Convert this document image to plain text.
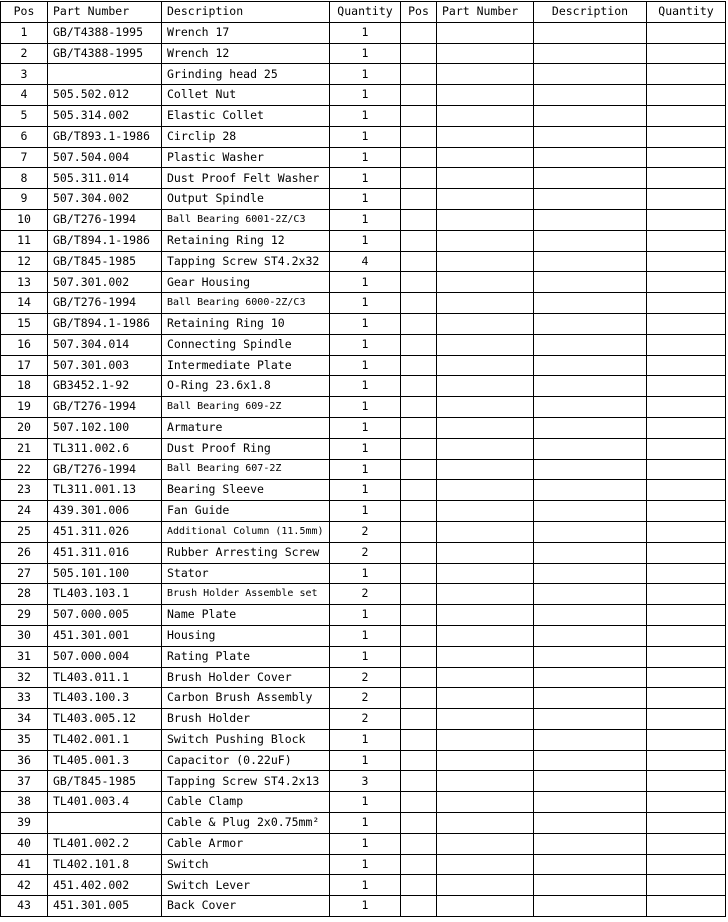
Pos	Part Number	Description	Quantity	Pos	Part Number	Description	Quantity
1	GB/T4388-1995	Wrench 17	1				
2	GB/T4388-1995	Wrench 12	1				
3		Grinding head 25	1				
4	505.502.012	Collet Nut	1				
5	505.314.002	Elastic Collet	1				
6	GB/T893.1-1986	Circlip 28	1				
7	507.504.004	Plastic Washer	1				
8	505.311.014	Dust Proof Felt Washer	1				
9	507.304.002	Output Spindle	1				
10	GB/T276-1994	Ball Bearing 6001-2Z/C3	1				
11	GB/T894.1-1986	Retaining Ring 12	1				
12	GB/T845-1985	Tapping Screw ST4.2x32	4				
13	507.301.002	Gear Housing	1				
14	GB/T276-1994	Ball Bearing 6000-2Z/C3	1				
15	GB/T894.1-1986	Retaining Ring 10	1				
16	507.304.014	Connecting Spindle	1				
17	507.301.003	Intermediate Plate	1				
18	GB3452.1-92	O-Ring 23.6x1.8	1				
19	GB/T276-1994	Ball Bearing 609-2Z	1				
20	507.102.100	Armature	1				
21	TL311.002.6	Dust Proof Ring	1				
22	GB/T276-1994	Ball Bearing 607-2Z	1				
23	TL311.001.13	Bearing Sleeve	1				
24	439.301.006	Fan Guide	1				
25	451.311.026	Additional Column (11.5mm)	2				
26	451.311.016	Rubber Arresting Screw	2				
27	505.101.100	Stator	1				
28	TL403.103.1	Brush Holder Assemble set	2				
29	507.000.005	Name Plate	1				
30	451.301.001	Housing	1				
31	507.000.004	Rating Plate	1				
32	TL403.011.1	Brush Holder Cover	2				
33	TL403.100.3	Carbon Brush Assembly	2				
34	TL403.005.12	Brush Holder	2				
35	TL402.001.1	Switch Pushing Block	1				
36	TL405.001.3	Capacitor (0.22uF)	1				
37	GB/T845-1985	Tapping Screw ST4.2x13	3				
38	TL401.003.4	Cable Clamp	1				
39		Cable & Plug 2x0.75mm²	1				
40	TL401.002.2	Cable Armor	1				
41	TL402.101.8	Switch	1				
42	451.402.002	Switch Lever	1				
43	451.301.005	Back Cover	1				
